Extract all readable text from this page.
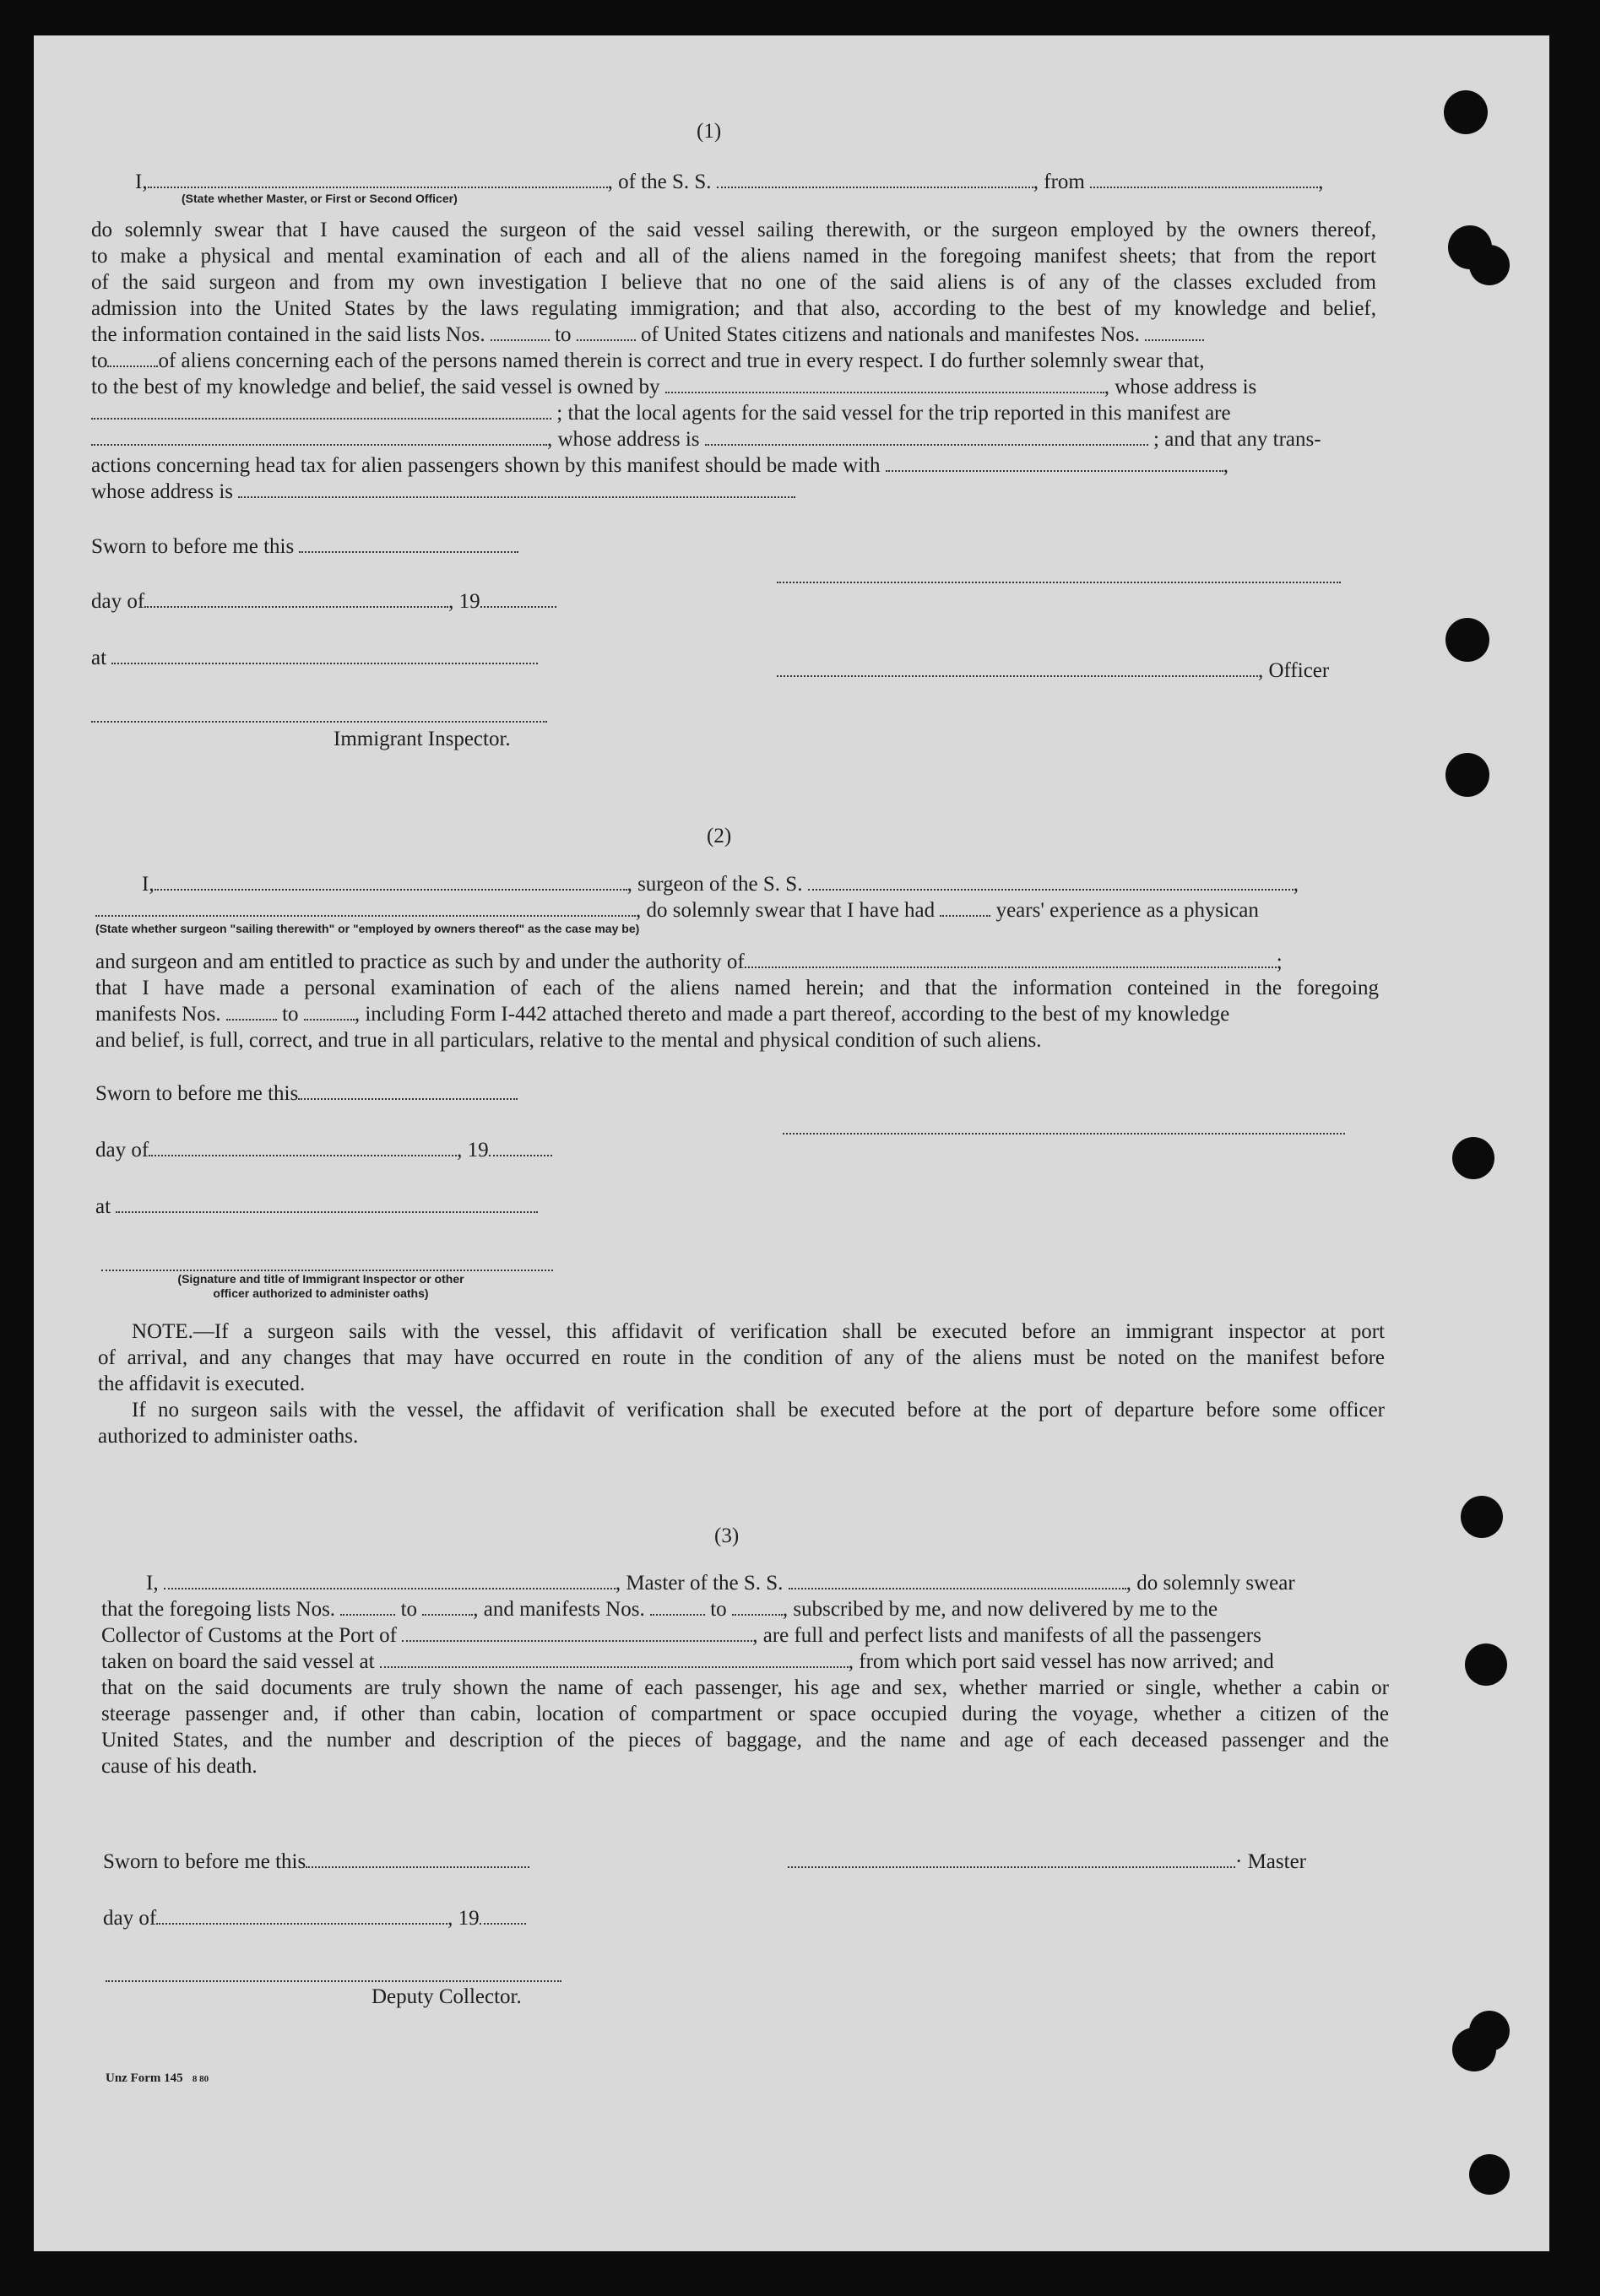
(1)
I,	, of the S. S.	, from	,
(State whether Master, or First or Second Officer)
do solemnly swear that I have caused the surgeon of the said vessel sailing therewith, or the surgeon employed by the owners thereof,
to make a physical and mental examination of each and all of the aliens named in the foregoing manifest sheets; that from the report
of the said surgeon and from my own investigation I believe that no one of the said aliens is of any of the classes excluded from
admission into the United States by the laws regulating immigration; and that also, according to the best of my knowledge and belief,
the information contained in the said lists Nos.	to	of United States citizens and nationals and manifestes Nos.
to of aliens concerning each of the persons named therein is correct and true in every respect. I do further solemnly swear that,
to the best of my knowledge and belief, the said vessel is owned by	, whose address is
; that the local agents for the said vessel for the trip reported in this manifest are
, whose address is	; and that any trans-
actions concerning head tax for alien passengers shown by this manifest should be made with	,
whose address is
Sworn to before me this
day of	, 19
at
, Officer
Immigrant Inspector.
(2)
I,	, surgeon of the S. S.	,
, do solemnly swear that I have had	years' experience as a physican
(State whether surgeon "sailing therewith" or "employed by owners thereof" as the case may be)
and surgeon and am entitled to practice as such by and under the authority of	;
that I have made a personal examination of each of the aliens named herein; and that the information conteined in the foregoing
manifests Nos.	to	, including Form I-442 attached thereto and made a part thereof, according to the best of my knowledge
and belief, is full, correct, and true in all particulars, relative to the mental and physical condition of such aliens.
Sworn to before me this
day of	, 19
at
(Signature and title of Immigrant Inspector or other
officer authorized to administer oaths)
NOTE.—If a surgeon sails with the vessel, this affidavit of verification shall be executed before an immigrant inspector at port
of arrival, and any changes that may have occurred en route in the condition of any of the aliens must be noted on the manifest before
the affidavit is executed.
If no surgeon sails with the vessel, the affidavit of verification shall be executed before at the port of departure before some officer
authorized to administer oaths.
(3)
I,	, Master of the S. S.	, do solemnly swear
that the foregoing lists Nos.	to	, and manifests Nos.	to	, subscribed by me, and now delivered by me to the
Collector of Customs at the Port of	, are full and perfect lists and manifests of all the passengers
taken on board the said vessel at	, from which port said vessel has now arrived; and
that on the said documents are truly shown the name of each passenger, his age and sex, whether married or single, whether a cabin or
steerage passenger and, if other than cabin, location of compartment or space occupied during the voyage, whether a citizen of the
United States, and the number and description of the pieces of baggage, and the name and age of each deceased passenger and the
cause of his death.
Sworn to before me this	· Master
day of	, 19
Deputy Collector.
Unz Form 145 8 80
